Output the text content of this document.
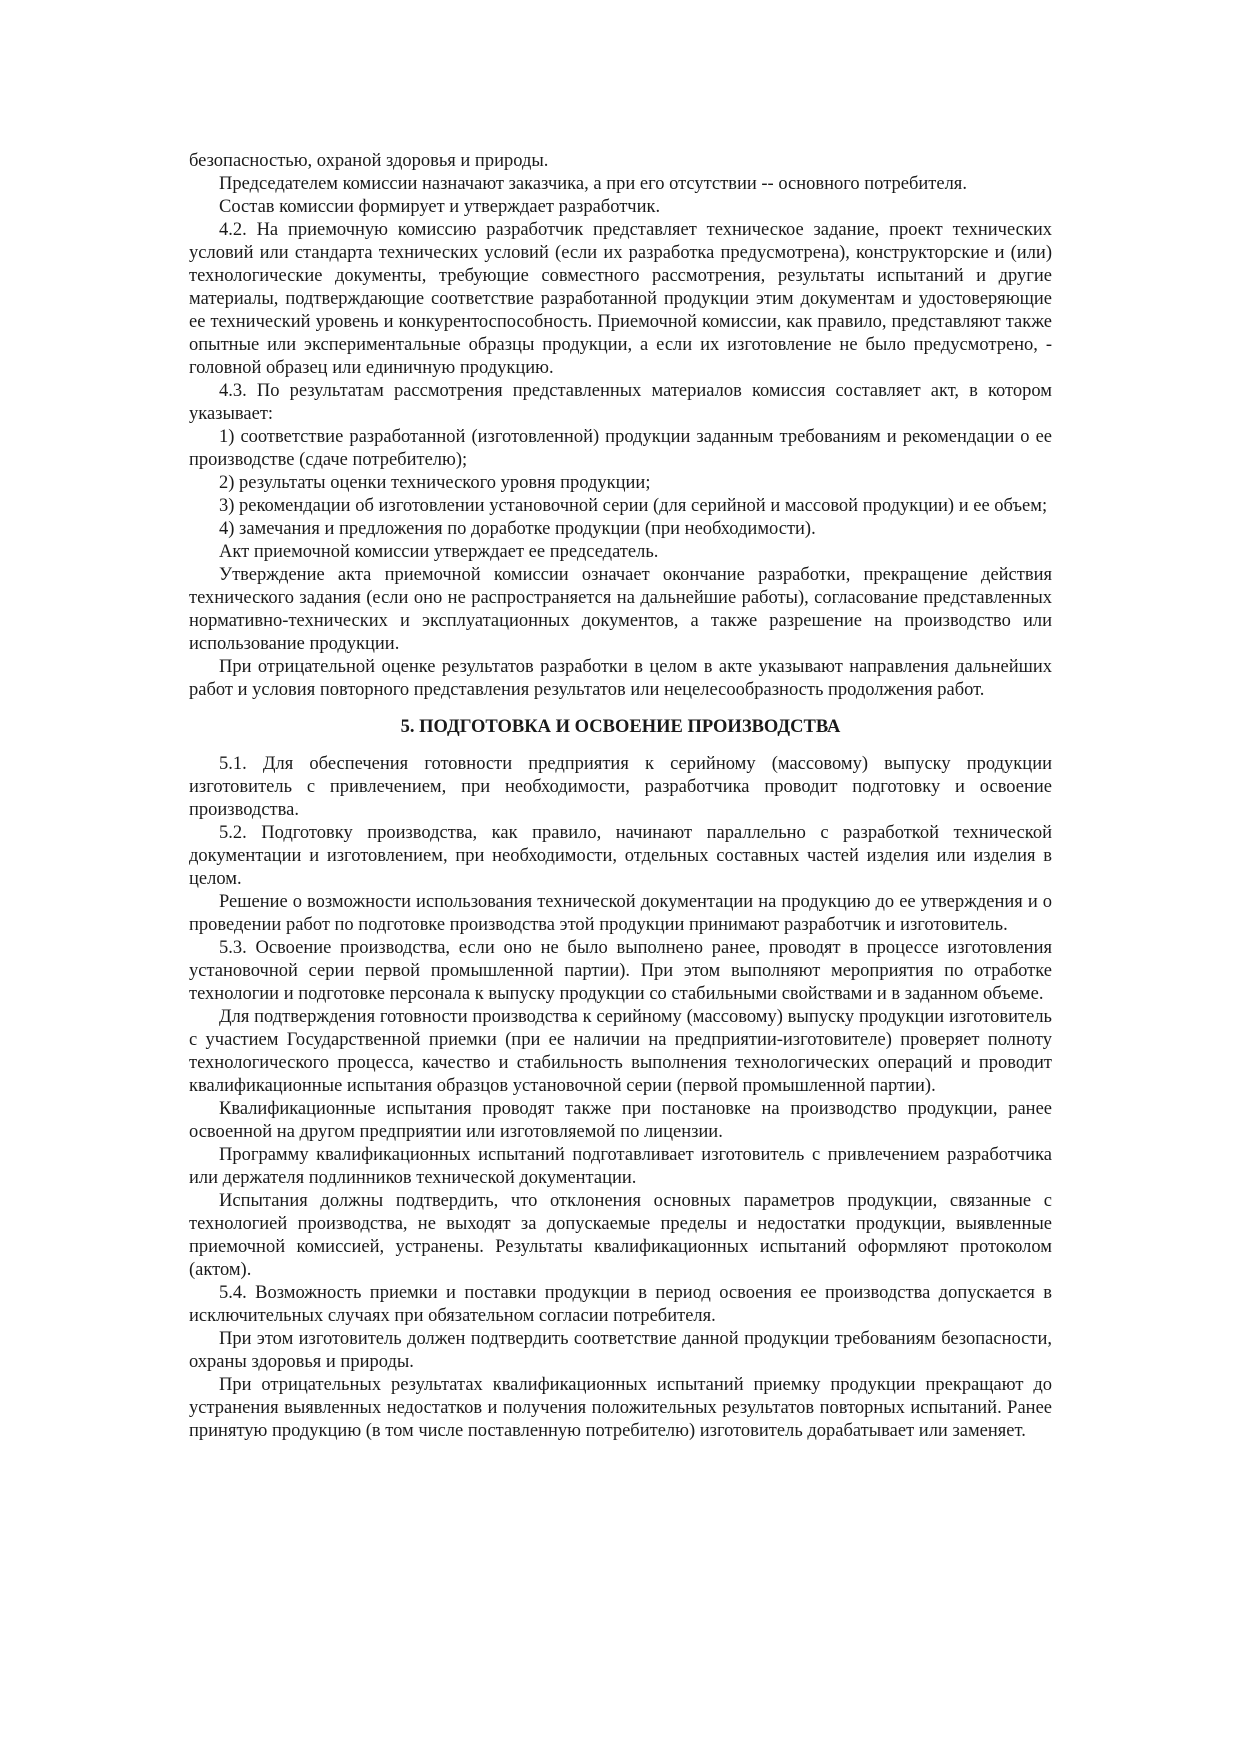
безопасностью, охраной здоровья и природы.

Председателем комиссии назначают заказчика, а при его отсутствии -- основного потребителя.

Состав комиссии формирует и утверждает разработчик.

4.2. На приемочную комиссию разработчик представляет техническое задание, проект технических условий или стандарта технических условий (если их разработка предусмотрена), конструкторские и (или) технологические документы, требующие совместного рассмотрения, результаты испытаний и другие материалы, подтверждающие соответствие разработанной продукции этим документам и удостоверяющие ее технический уровень и конкурентоспособность. Приемочной комиссии, как правило, представляют также опытные или экспериментальные образцы продукции, а если их изготовление не было предусмотрено, - головной образец или единичную продукцию.

4.3. По результатам рассмотрения представленных материалов комиссия составляет акт, в котором указывает:

1) соответствие разработанной (изготовленной) продукции заданным требованиям и рекомендации о ее производстве (сдаче потребителю);

2) результаты оценки технического уровня продукции;

3) рекомендации об изготовлении установочной серии (для серийной и массовой продукции) и ее объем;

4) замечания и предложения по доработке продукции (при необходимости).

Акт приемочной комиссии утверждает ее председатель.

Утверждение акта приемочной комиссии означает окончание разработки, прекращение действия технического задания (если оно не распространяется на дальнейшие работы), согласование представленных нормативно-технических и эксплуатационных документов, а также разрешение на производство или использование продукции.

При отрицательной оценке результатов разработки в целом в акте указывают направления дальнейших работ и условия повторного представления результатов или нецелесообразность продолжения работ.

5. ПОДГОТОВКА И ОСВОЕНИЕ ПРОИЗВОДСТВА

5.1. Для обеспечения готовности предприятия к серийному (массовому) выпуску продукции изготовитель с привлечением, при необходимости, разработчика проводит подготовку и освоение производства.

5.2. Подготовку производства, как правило, начинают параллельно с разработкой технической документации и изготовлением, при необходимости, отдельных составных частей изделия или изделия в целом.

Решение о возможности использования технической документации на продукцию до ее утверждения и о проведении работ по подготовке производства этой продукции принимают разработчик и изготовитель.

5.3. Освоение производства, если оно не было выполнено ранее, проводят в процессе изготовления установочной серии первой промышленной партии). При этом выполняют мероприятия по отработке технологии и подготовке персонала к выпуску продукции со стабильными свойствами и в заданном объеме.

Для подтверждения готовности производства к серийному (массовому) выпуску продукции изготовитель с участием Государственной приемки (при ее наличии на предприятии-изготовителе) проверяет полноту технологического процесса, качество и стабильность выполнения технологических операций и проводит квалификационные испытания образцов установочной серии (первой промышленной партии).

Квалификационные испытания проводят также при постановке на производство продукции, ранее освоенной на другом предприятии или изготовляемой по лицензии.

Программу квалификационных испытаний подготавливает изготовитель с привлечением разработчика или держателя подлинников технической документации.

Испытания должны подтвердить, что отклонения основных параметров продукции, связанные с технологией производства, не выходят за допускаемые пределы и недостатки продукции, выявленные приемочной комиссией, устранены. Результаты квалификационных испытаний оформляют протоколом (актом).

5.4. Возможность приемки и поставки продукции в период освоения ее производства допускается в исключительных случаях при обязательном согласии потребителя.

При этом изготовитель должен подтвердить соответствие данной продукции требованиям безопасности, охраны здоровья и природы.

При отрицательных результатах квалификационных испытаний приемку продукции прекращают до устранения выявленных недостатков и получения положительных результатов повторных испытаний. Ранее принятую продукцию (в том числе поставленную потребителю) изготовитель дорабатывает или заменяет.
